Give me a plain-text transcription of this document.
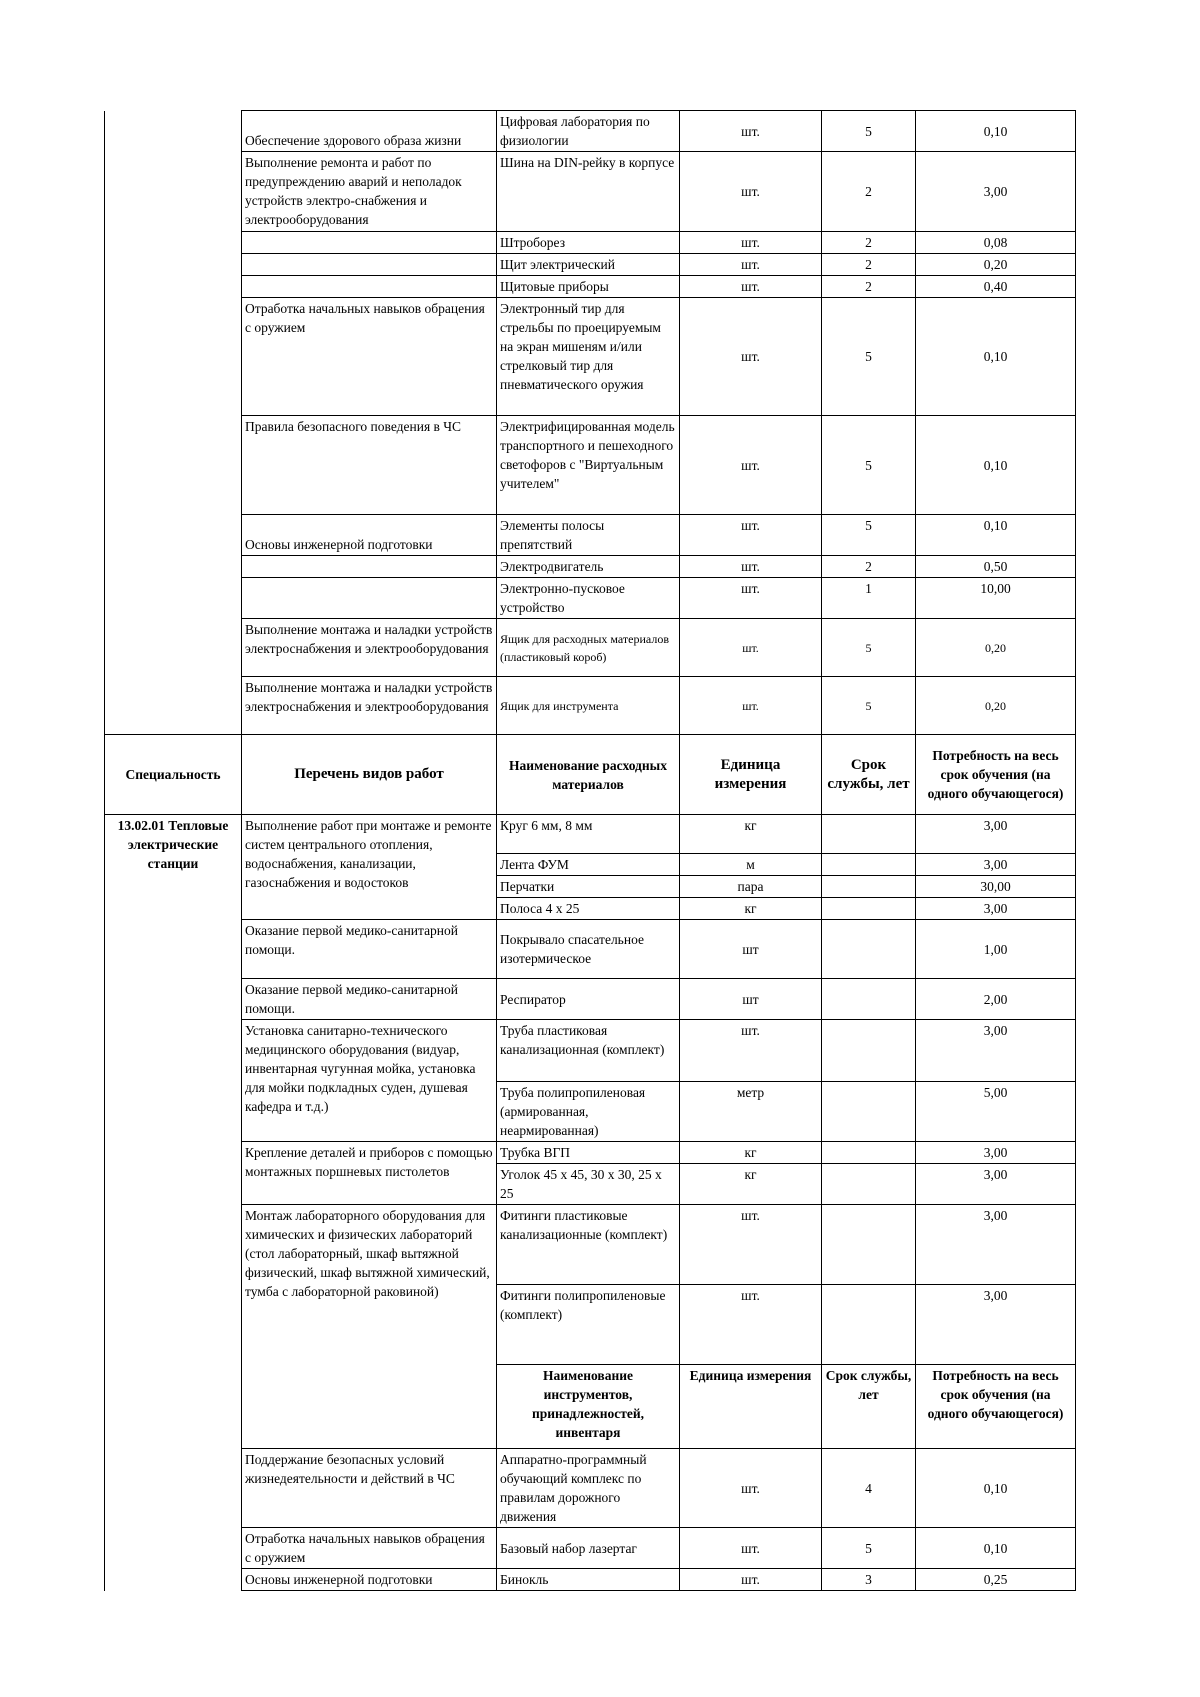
	Обеспечение здорового образа жизни	Цифровая лаборатория по физиологии	шт.	5	0,10
	Выполнение ремонта и работ по предупреждению аварий и неполадок устройств электро-снабжения и электрооборудования	Шина на DIN-рейку в корпусе	шт.	2	3,00
		Штроборез	шт.	2	0,08
		Щит электрический	шт.	2	0,20
		Щитовые приборы	шт.	2	0,40
	Отработка начальных навыков обрацения с оружием	Электронный тир для стрельбы по проецируемым на экран мишеням и/или стрелковый тир для пневматического оружия	шт.	5	0,10
	Правила безопасного поведения в ЧС	Электрифицированная модель транспортного и пешеходного светофоров с "Виртуальным учителем"	шт.	5	0,10
	Основы инженерной подготовки	Элементы полосы препятствий	шт.	5	0,10
		Электродвигатель	шт.	2	0,50
		Электронно-пусковое устройство	шт.	1	10,00
	Выполнение монтажа и наладки устройств электроснабжения и электрооборудования	Ящик для расходных материалов (пластиковый короб)	шт.	5	0,20
	Выполнение монтажа и наладки устройств электроснабжения и электрооборудования	Ящик для инструмента	шт.	5	0,20
Специальность	Перечень видов работ	Наименование расходных материалов	Единица измерения	Срок службы, лет	Потребность на весь срок обучения (на одного обучающегося)
13.02.01 Тепловые электрические станции	Выполнение работ при монтаже и ремонте систем центрального отопления, водоснабжения, канализации, газоснабжения и водостоков	Круг 6 мм, 8 мм	кг		3,00
		Лента ФУМ	м		3,00
		Перчатки	пара		30,00
		Полоса 4 х 25	кг		3,00
	Оказание первой медико-санитарной помощи.	Покрывало спасательное изотермическое	шт		1,00
	Оказание первой медико-санитарной помощи.	Респиратор	шт		2,00
	Установка санитарно-технического медицинского оборудования (видуар, инвентарная чугунная мойка, установка для мойки подкладных суден, душевая кафедра и т.д.)	Труба пластиковая канализационная (комплект)	шт.		3,00
		Труба полипропиленовая (армированная, неармированная)	метр		5,00
	Крепление деталей и приборов с помощью монтажных поршневых пистолетов	Трубка ВГП	кг		3,00
		Уголок 45 х 45, 30 х 30, 25 х 25	кг		3,00
	Монтаж лабораторного оборудования для химических и физических лабораторий (стол лабораторный, шкаф вытяжной физический, шкаф вытяжной химический, тумба с лабораторной раковиной)	Фитинги пластиковые канализационные (комплект)	шт.		3,00
		Фитинги полипропиленовые (комплект)	шт.		3,00
		Наименование инструментов, принадлежностей, инвентаря	Единица измерения	Срок службы, лет	Потребность на весь срок обучения (на одного обучающегося)
	Поддержание безопасных условий жизнедеятельности и действий в ЧС	Аппаратно-программный обучающий комплекс по правилам дорожного движения	шт.	4	0,10
	Отработка начальных навыков обрацения с оружием	Базовый набор лазертаг	шт.	5	0,10
	Основы инженерной подготовки	Бинокль	шт.	3	0,25
